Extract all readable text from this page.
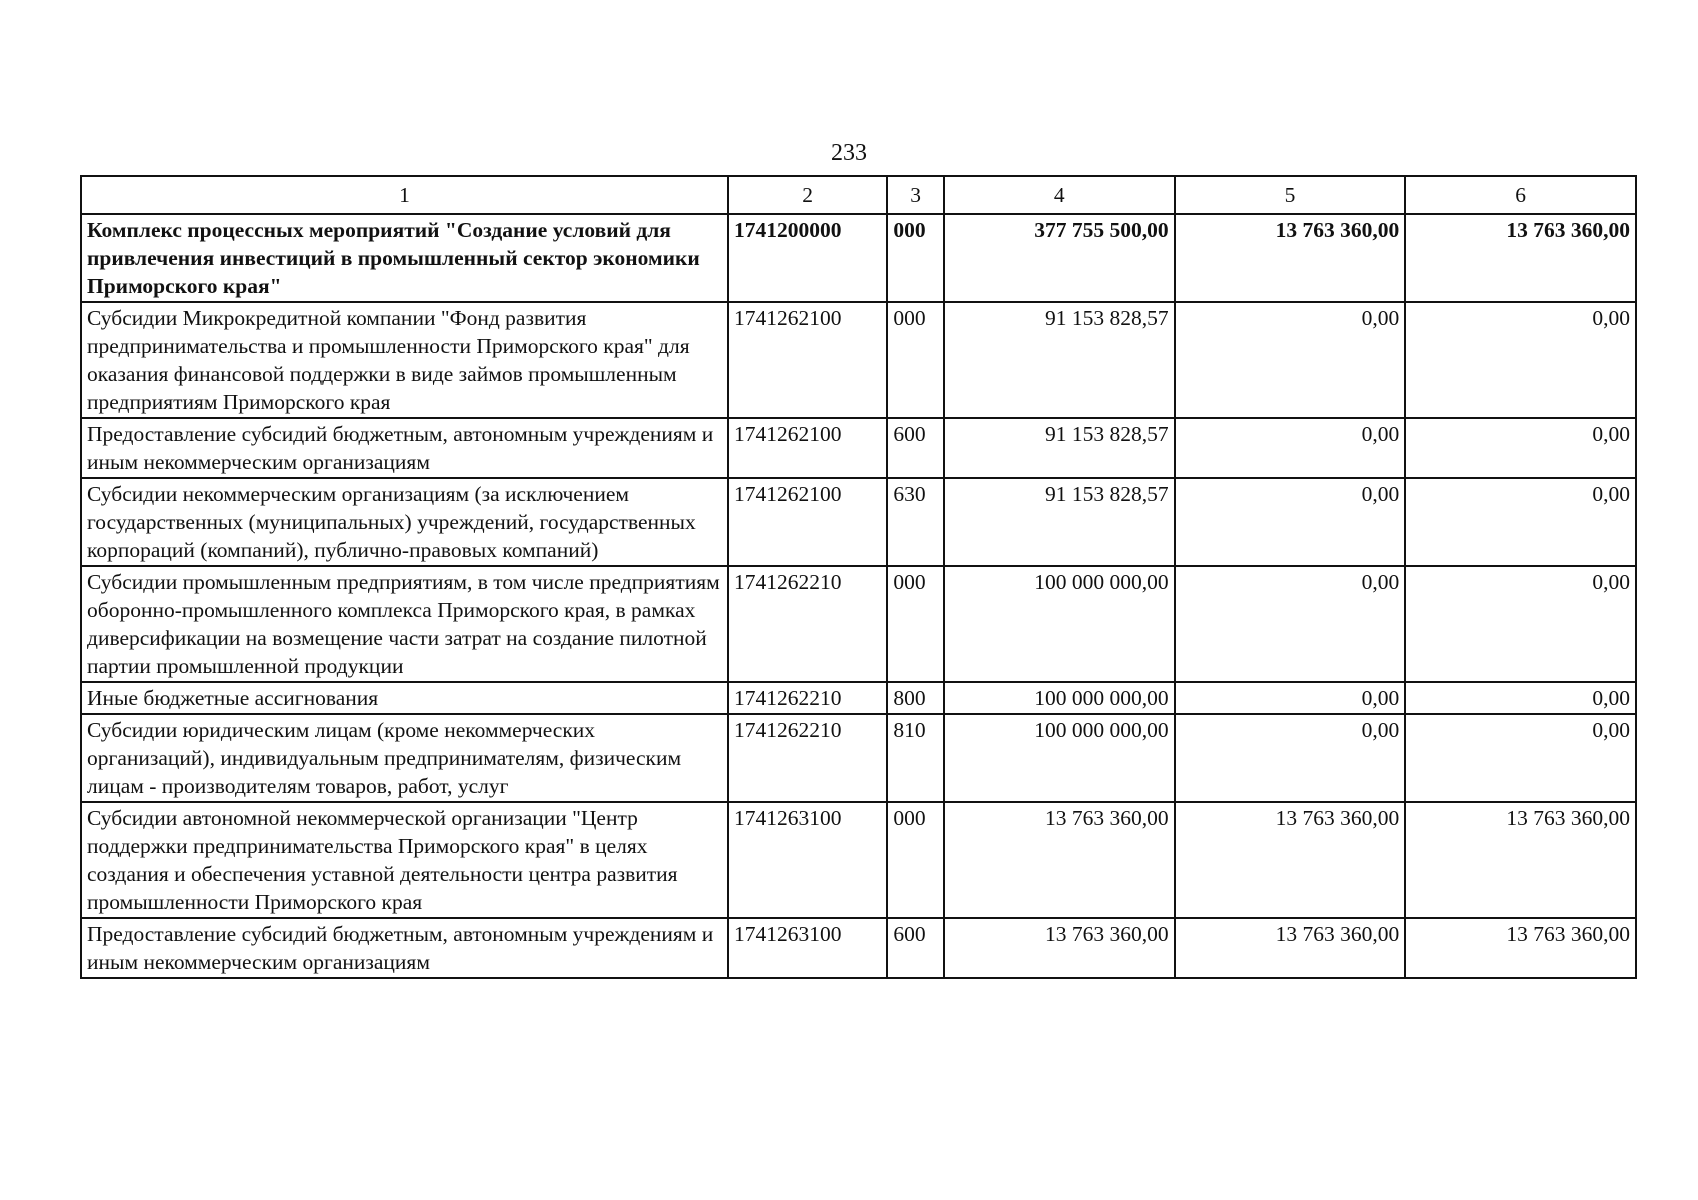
233
1	2	3	4	5	6
Комплекс процессных мероприятий "Создание условий для привлечения инвестиций в промышленный сектор экономики Приморского края"	1741200000	000	377 755 500,00	13 763 360,00	13 763 360,00
Субсидии Микрокредитной компании "Фонд развития предпринимательства и промышленности Приморского края" для оказания финансовой поддержки в виде займов промышленным предприятиям Приморского края	1741262100	000	91 153 828,57	0,00	0,00
Предоставление субсидий бюджетным, автономным учреждениям и иным некоммерческим организациям	1741262100	600	91 153 828,57	0,00	0,00
Субсидии некоммерческим организациям (за исключением государственных (муниципальных) учреждений, государственных корпораций (компаний), публично-правовых компаний)	1741262100	630	91 153 828,57	0,00	0,00
Субсидии промышленным предприятиям, в том числе предприятиям оборонно-промышленного комплекса Приморского края, в рамках диверсификации на возмещение части затрат на создание пилотной партии промышленной продукции	1741262210	000	100 000 000,00	0,00	0,00
Иные бюджетные ассигнования	1741262210	800	100 000 000,00	0,00	0,00
Субсидии юридическим лицам (кроме некоммерческих организаций), индивидуальным предпринимателям, физическим лицам - производителям товаров, работ, услуг	1741262210	810	100 000 000,00	0,00	0,00
Субсидии автономной некоммерческой организации "Центр поддержки предпринимательства Приморского края" в целях создания и обеспечения уставной деятельности центра развития промышленности Приморского края	1741263100	000	13 763 360,00	13 763 360,00	13 763 360,00
Предоставление субсидий бюджетным, автономным учреждениям и иным некоммерческим организациям	1741263100	600	13 763 360,00	13 763 360,00	13 763 360,00
